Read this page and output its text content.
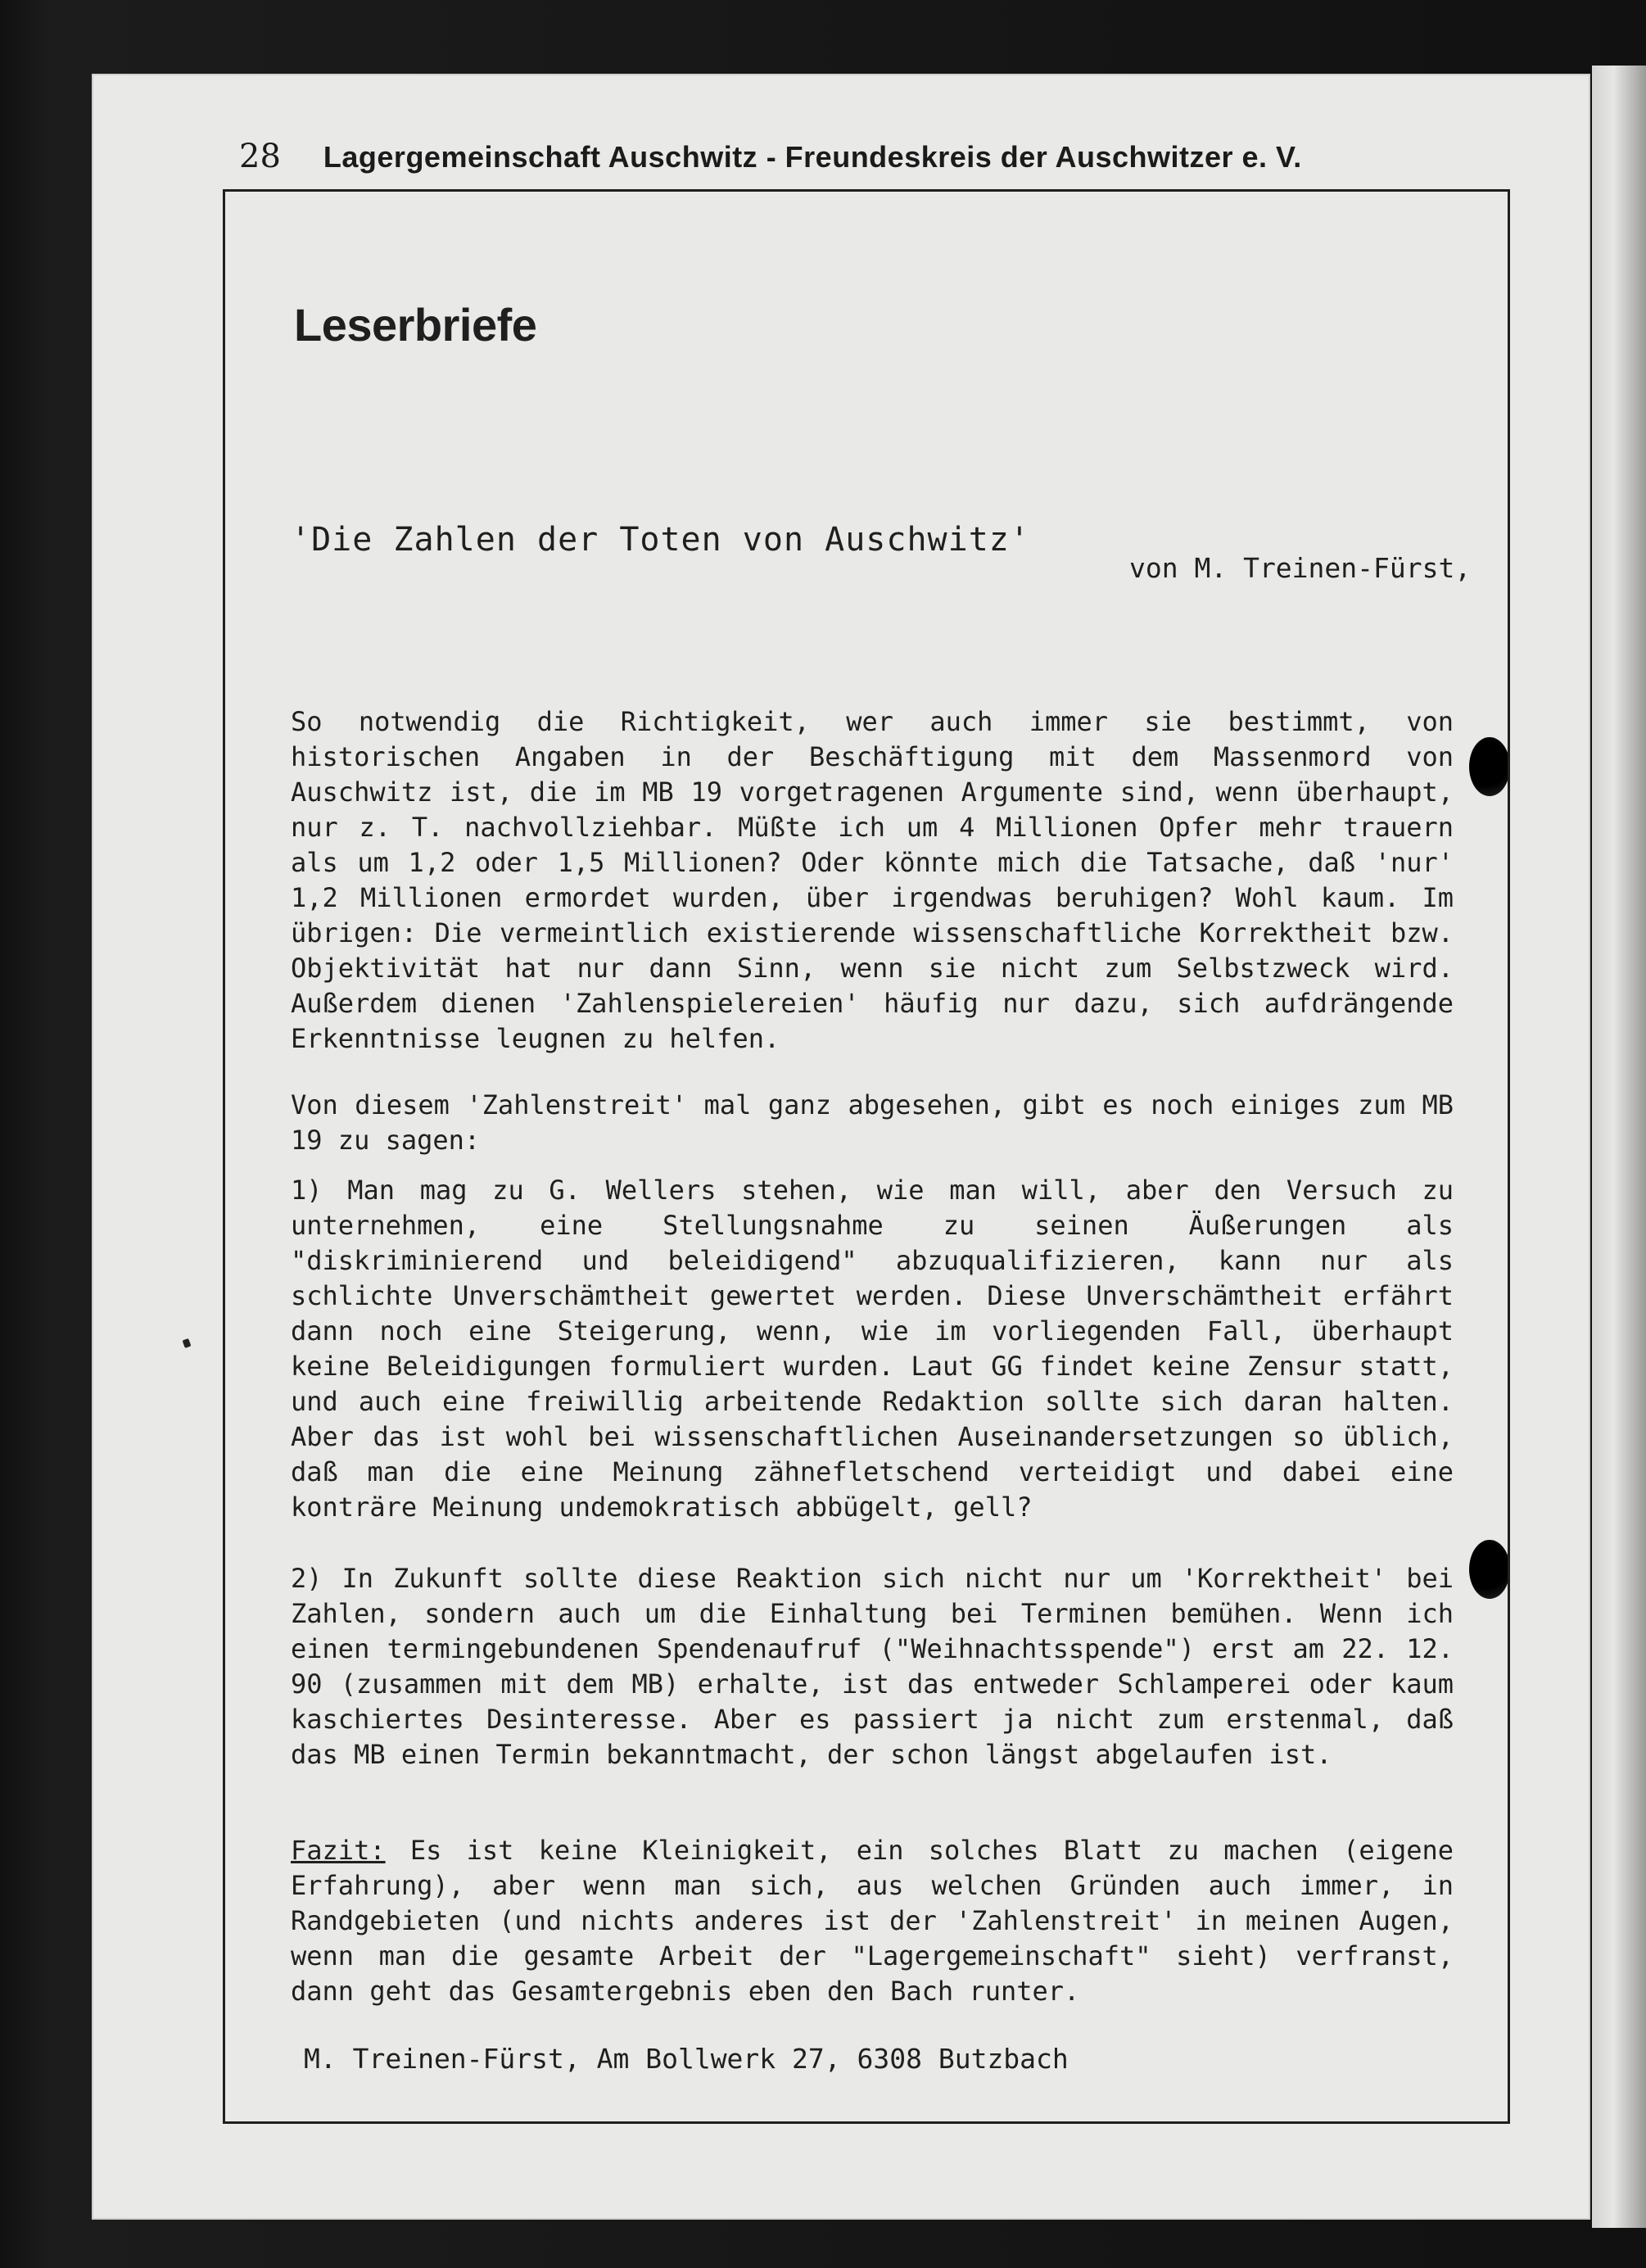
28 Lagergemeinschaft Auschwitz - Freundeskreis der Auschwitzer e. V.
Leserbriefe
'Die Zahlen der Toten von Auschwitz'
von M. Treinen-Fürst,

So notwendig die Richtigkeit, wer auch immer sie bestimmt, von historischen Angaben in der Beschäftigung mit dem Massenmord von Auschwitz ist, die im MB 19 vorgetragenen Argumente sind, wenn überhaupt, nur z. T. nachvollziehbar. Müßte ich um 4 Millionen Opfer mehr trauern als um 1,2 oder 1,5 Millionen? Oder könnte mich die Tatsache, daß 'nur' 1,2 Millionen ermordet wurden, über irgendwas beruhigen? Wohl kaum. Im übrigen: Die vermeintlich existierende wissenschaftliche Korrektheit bzw. Objektivität hat nur dann Sinn, wenn sie nicht zum Selbstzweck wird. Außerdem dienen 'Zahlenspielereien' häufig nur dazu, sich aufdrängende Erkenntnisse leugnen zu helfen.

Von diesem 'Zahlenstreit' mal ganz abgesehen, gibt es noch einiges zum MB 19 zu sagen:

1) Man mag zu G. Wellers stehen, wie man will, aber den Versuch zu unternehmen, eine Stellungsnahme zu seinen Äußerungen als "diskriminierend und beleidigend" abzuqualifizieren, kann nur als schlichte Unverschämtheit gewertet werden. Diese Unverschämtheit erfährt dann noch eine Steigerung, wenn, wie im vorliegenden Fall, überhaupt keine Beleidigungen formuliert wurden. Laut GG findet keine Zensur statt, und auch eine freiwillig arbeitende Redaktion sollte sich daran halten. Aber das ist wohl bei wissenschaftlichen Auseinandersetzungen so üblich, daß man die eine Meinung zähnefletschend verteidigt und dabei eine konträre Meinung undemokratisch abbügelt, gell?

2) In Zukunft sollte diese Reaktion sich nicht nur um 'Korrektheit' bei Zahlen, sondern auch um die Einhaltung bei Terminen bemühen. Wenn ich einen termingebundenen Spendenaufruf ("Weihnachtsspende") erst am 22. 12. 90 (zusammen mit dem MB) erhalte, ist das entweder Schlamperei oder kaum kaschiertes Desinteresse. Aber es passiert ja nicht zum erstenmal, daß das MB einen Termin bekanntmacht, der schon längst abgelaufen ist.

Fazit: Es ist keine Kleinigkeit, ein solches Blatt zu machen (eigene Erfahrung), aber wenn man sich, aus welchen Gründen auch immer, in Randgebieten (und nichts anderes ist der 'Zahlenstreit' in meinen Augen, wenn man die gesamte Arbeit der "Lagergemeinschaft" sieht) verfranst, dann geht das Gesamtergebnis eben den Bach runter.

M. Treinen-Fürst, Am Bollwerk 27, 6308 Butzbach
